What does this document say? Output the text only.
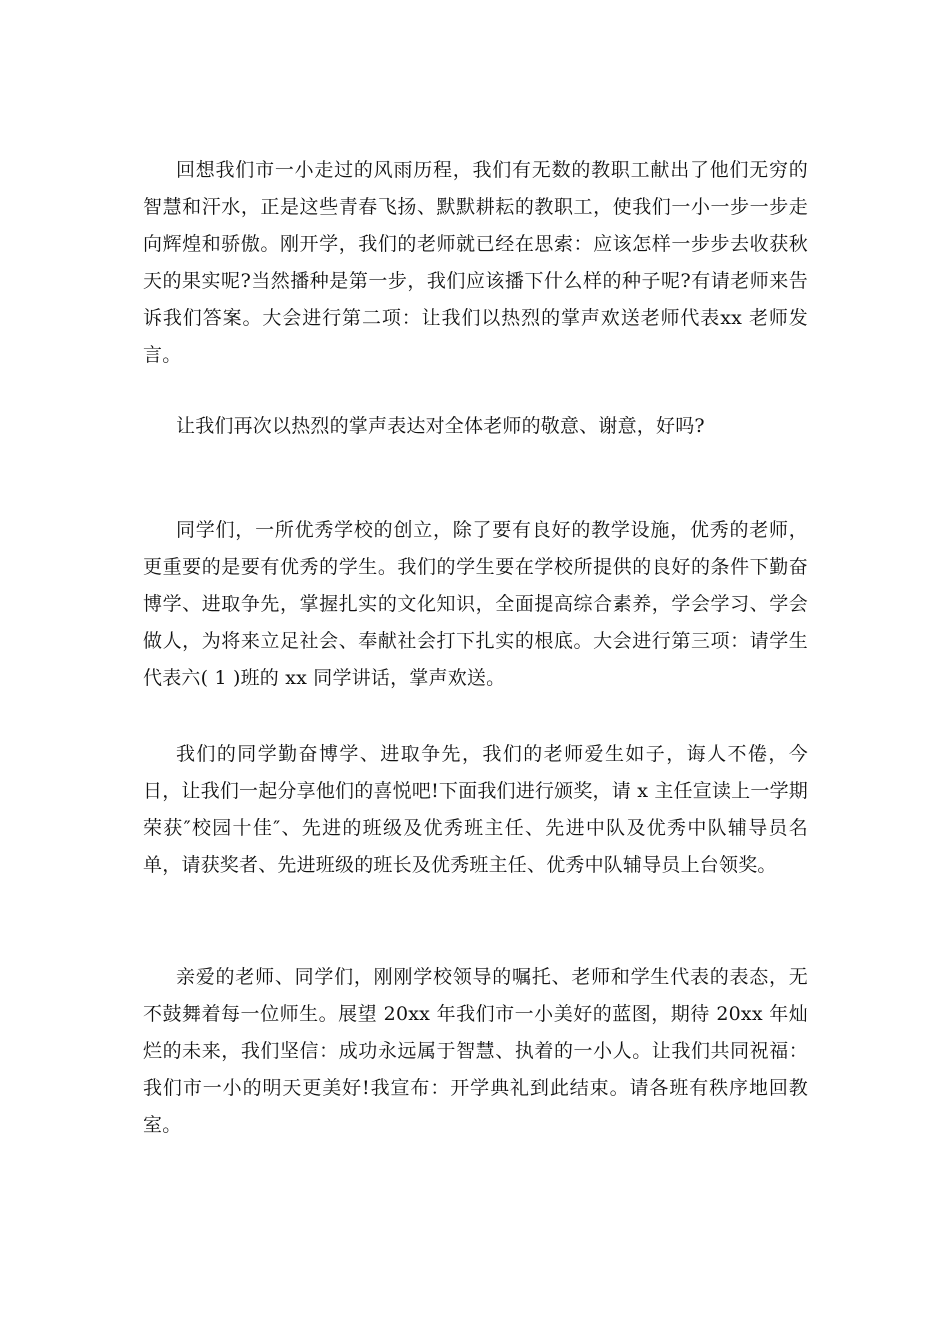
回想我们市一小走过的风雨历程，我们有无数的教职工献出了他们无穷的智慧和汗水，正是这些青春飞扬、默默耕耘的教职工，使我们一小一步一步走向辉煌和骄傲。刚开学，我们的老师就已经在思索：应该怎样一步步去收获秋天的果实呢?当然播种是第一步，我们应该播下什么样的种子呢?有请老师来告诉我们答案。大会进行第二项：让我们以热烈的掌声欢送老师代表xx 老师发言。

让我们再次以热烈的掌声表达对全体老师的敬意、谢意，好吗?

同学们，一所优秀学校的创立，除了要有良好的教学设施，优秀的老师，更重要的是要有优秀的学生。我们的学生要在学校所提供的良好的条件下勤奋博学、进取争先，掌握扎实的文化知识，全面提高综合素养，学会学习、学会做人，为将来立足社会、奉献社会打下扎实的根底。大会进行第三项：请学生代表六( 1 )班的 xx 同学讲话，掌声欢送。

我们的同学勤奋博学、进取争先，我们的老师爱生如子，诲人不倦，今日，让我们一起分享他们的喜悦吧!下面我们进行颁奖，请 x 主任宣读上一学期荣获″校园十佳″、先进的班级及优秀班主任、先进中队及优秀中队辅导员名单，请获奖者、先进班级的班长及优秀班主任、优秀中队辅导员上台领奖。

亲爱的老师、同学们，刚刚学校领导的嘱托、老师和学生代表的表态，无不鼓舞着每一位师生。展望 20xx 年我们市一小美好的蓝图，期待 20xx 年灿烂的未来，我们坚信：成功永远属于智慧、执着的一小人。让我们共同祝福：我们市一小的明天更美好!我宣布：开学典礼到此结束。请各班有秩序地回教室。
